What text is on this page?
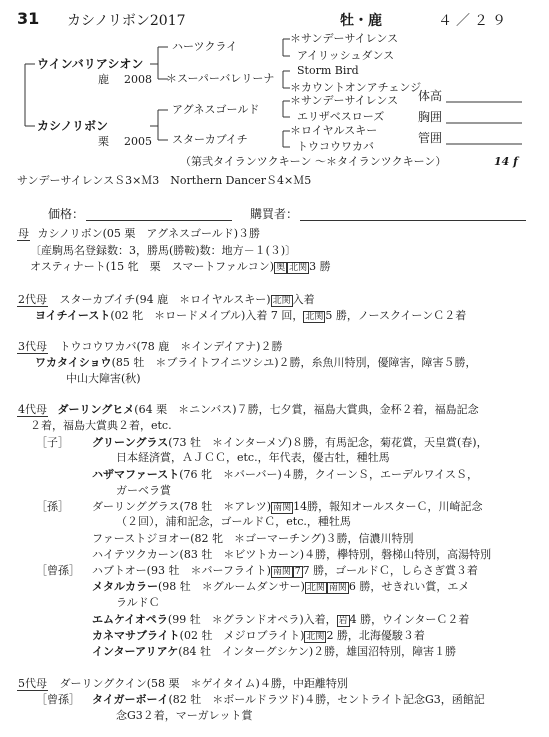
31 カシノリボン2017	牡・鹿	４／２９
ウインバリアシオン
鹿 2008
カシノリボン
栗 2005
ハーツクライ
＊スーパーバレリーナ
アグネスゴールド
スターカブイチ
＊サンデーサイレンス
アイリッシュダンス
Storm Bird
＊カウントオンアチェンジ
＊サンデーサイレンス
エリザベスローズ
＊ロイヤルスキー
トウコウワカバ
体高
胸囲
管囲
（第弐タイランツクキーン ～＊タイランツクキーン）	14 f
サンデーサイレンスＳ3×Ｍ3　Northern DancerＳ4×Ｍ5
価格：	購買者：
母 カシノリボン(05 栗　アグネスゴールド)３勝
〔産駒馬名登録数：3，勝馬(勝鞍)数：地方－１(３)〕
オスティナート(15 牝　栗　スマートファルコン) 奥 北関 3 勝
2代母 スターカブイチ(94 鹿　＊ロイヤルスキー) 北関 入着
ヨイチイースト(02 牝　＊ロードメイブル)入着 7 回， 北関 5 勝，ノースクイーンＣ２着
3代母 トウコウワカバ(78 鹿　＊インデイアナ)２勝
ワカタイショウ(85 牡　＊ブライトフイニツシユ)２勝，糸魚川特別，優障害，障害５勝，
中山大障害(秋)
4代母 ダーリングヒメ(64 栗　＊ニンバス)７勝，七夕賞，福島大賞典，金杯２着，福島記念
２着，福島大賞典２着，etc.
［子］ グリーングラス(73 牡　＊インターメゾ)８勝，有馬記念，菊花賞，天皇賞(春)，
日本経済賞，ＡＪＣＣ，etc.，年代表，優古牡，種牡馬
ハザマファースト(76 牝　＊バーバー)４勝，クイーンＳ，エーデルワイスＳ，
ガーベラ賞
［孫］ ダーリンググラス(78 牡　＊アレツ) 南関 14勝，報知オールスターＣ，川崎記念
（２回），浦和記念，ゴールドＣ，etc.，種牡馬
ファーストジヨオー(82 牝　＊ゴーマーチング)３勝，信濃川特別
ハイテツクカーン(83 牡　＊ビツトカーン)４勝，欅特別，磐梯山特別，高湯特別
［曾孫］ ハブトオー(93 牡　＊バーフライト) 南関 7 7 勝，ゴールドＣ，しらさぎ賞３着
メタルカラー(98 牡　＊グルームダンサー) 北関 南関 6 勝，せきれい賞，エメ
ラルドＣ
エムケイオペラ(99 牡　＊グランドオペラ)入着， 岩 4 勝，ウインターＣ２着
カネマサブライト(02 牡　メジロブライト) 北関 2 勝，北海優駿３着
インターアリアケ(84 牡　インターグシケン)２勝，雄国沼特別，障害１勝
5代母 ダーリングクイン(58 栗　＊ゲイタイム)４勝，中距離特別
［曾孫］ タイガーボーイ(82 牡　＊ボールドラツド)４勝，セントライト記念G3，函館記
念G3２着，マーガレット賞
